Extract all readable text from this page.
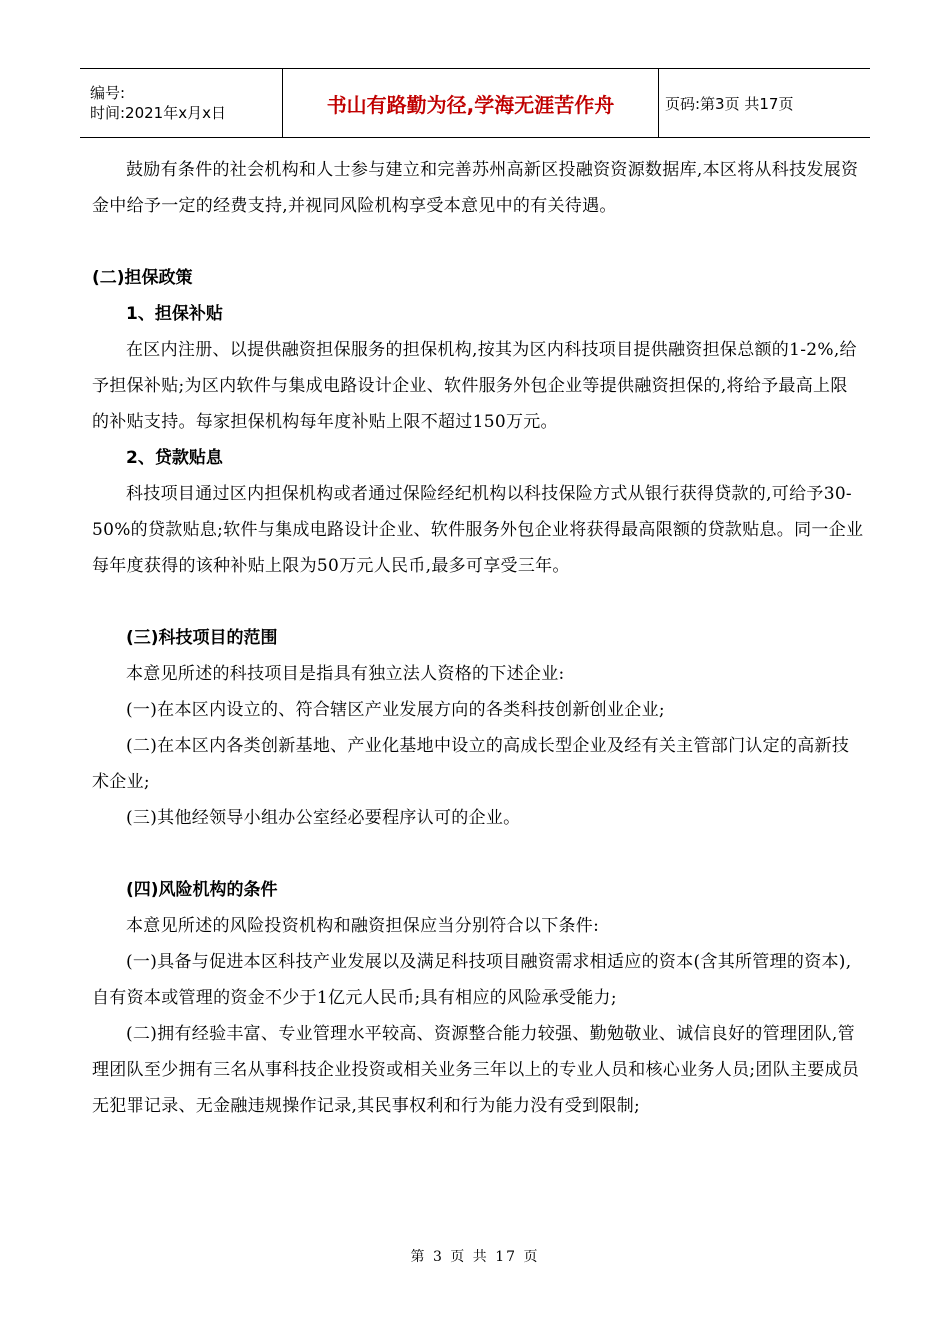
编号:
时间:2021年x月x日	书山有路勤为径,学海无涯苦作舟	页码:第3页 共17页

鼓励有条件的社会机构和人士参与建立和完善苏州高新区投融资资源数据库,本区将从科技发展资金中给予一定的经费支持,并视同风险机构享受本意见中的有关待遇。

(二)担保政策

1、担保补贴

在区内注册、以提供融资担保服务的担保机构,按其为区内科技项目提供融资担保总额的1-2%,给予担保补贴;为区内软件与集成电路设计企业、软件服务外包企业等提供融资担保的,将给予最高上限的补贴支持。每家担保机构每年度补贴上限不超过150万元。

2、贷款贴息

科技项目通过区内担保机构或者通过保险经纪机构以科技保险方式从银行获得贷款的,可给予30-50%的贷款贴息;软件与集成电路设计企业、软件服务外包企业将获得最高限额的贷款贴息。同一企业每年度获得的该种补贴上限为50万元人民币,最多可享受三年。

(三)科技项目的范围

本意见所述的科技项目是指具有独立法人资格的下述企业:

(一)在本区内设立的、符合辖区产业发展方向的各类科技创新创业企业;

(二)在本区内各类创新基地、产业化基地中设立的高成长型企业及经有关主管部门认定的高新技术企业;

(三)其他经领导小组办公室经必要程序认可的企业。

(四)风险机构的条件

本意见所述的风险投资机构和融资担保应当分别符合以下条件:

(一)具备与促进本区科技产业发展以及满足科技项目融资需求相适应的资本(含其所管理的资本),自有资本或管理的资金不少于1亿元人民币;具有相应的风险承受能力;

(二)拥有经验丰富、专业管理水平较高、资源整合能力较强、勤勉敬业、诚信良好的管理团队,管理团队至少拥有三名从事科技企业投资或相关业务三年以上的专业人员和核心业务人员;团队主要成员无犯罪记录、无金融违规操作记录,其民事权利和行为能力没有受到限制;

第 3 页 共 17 页
